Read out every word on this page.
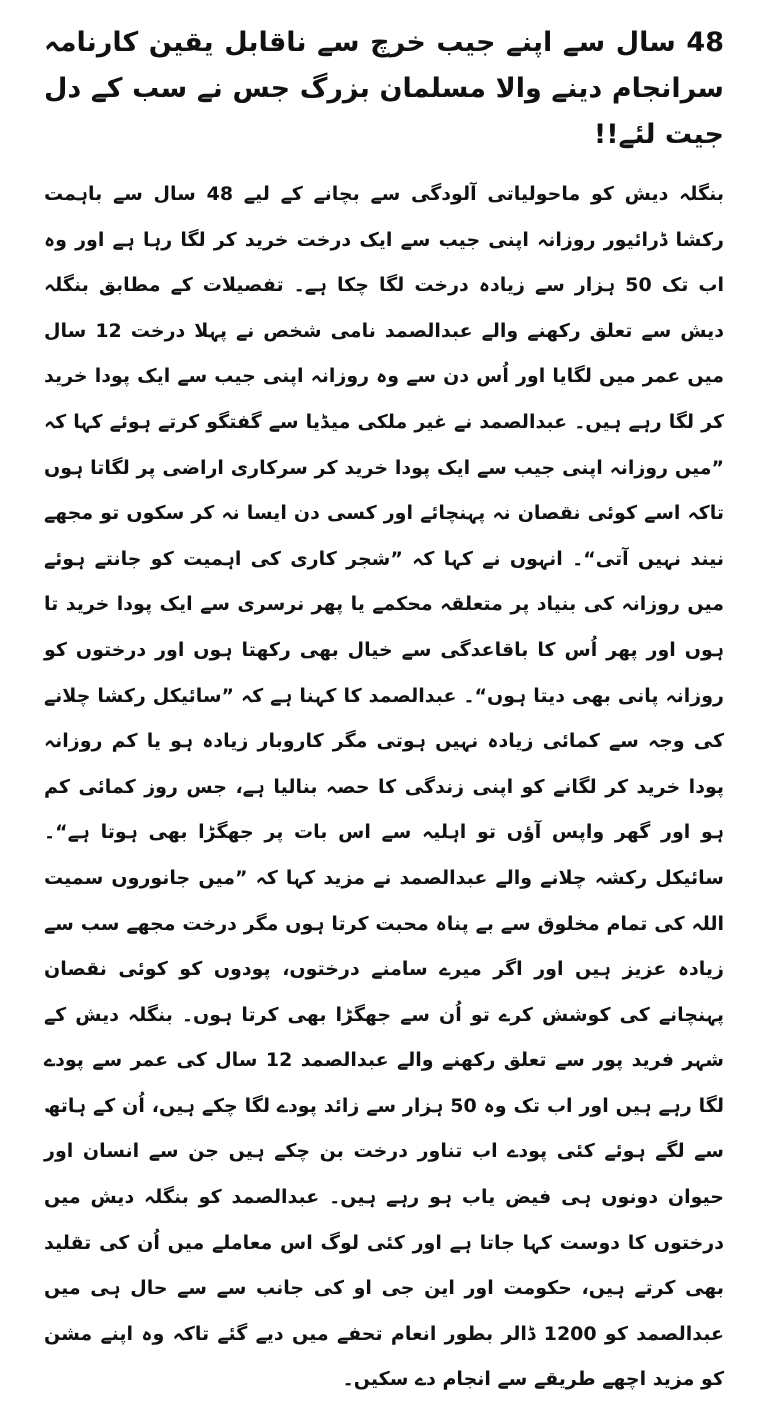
48 سال سے اپنے جیب خرچ سے ناقابل یقین کارنامہ سرانجام دینے والا مسلمان بزرگ جس نے سب کے دل جیت لئے!!

بنگلہ دیش کو ماحولیاتی آلودگی سے بچانے کے لیے 48 سال سے باہمت رکشا ڈرائیور روزانہ اپنی جیب سے ایک درخت خرید کر لگا رہا ہے اور وہ اب تک 50 ہزار سے زیادہ درخت لگا چکا ہے۔ تفصیلات کے مطابق بنگلہ دیش سے تعلق رکھنے والے عبدالصمد نامی شخص نے پہلا درخت 12 سال میں عمر میں لگایا اور اُس دن سے وہ روزانہ اپنی جیب سے ایک پودا خرید کر لگا رہے ہیں۔ عبدالصمد نے غیر ملکی میڈیا سے گفتگو کرتے ہوئے کہا کہ ”میں روزانہ اپنی جیب سے ایک پودا خرید کر سرکاری اراضی پر لگاتا ہوں تاکہ اسے کوئی نقصان نہ پہنچائے اور کسی دن ایسا نہ کر سکوں تو مجھے نیند نہیں آتی“۔ انہوں نے کہا کہ ”شجر کاری کی اہمیت کو جانتے ہوئے میں روزانہ کی بنیاد پر متعلقہ محکمے یا پھر نرسری سے ایک پودا خرید تا ہوں اور پھر اُس کا باقاعدگی سے خیال بھی رکھتا ہوں اور درختوں کو روزانہ پانی بھی دیتا ہوں“۔ عبدالصمد کا کہنا ہے کہ ”سائیکل رکشا چلانے کی وجہ سے کمائی زیادہ نہیں ہوتی مگر کاروبار زیادہ ہو یا کم روزانہ پودا خرید کر لگانے کو اپنی زندگی کا حصہ بنالیا ہے، جس روز کمائی کم ہو اور گھر واپس آؤں تو اہلیہ سے اس بات پر جھگڑا بھی ہوتا ہے“۔ سائیکل رکشہ چلانے والے عبدالصمد نے مزید کہا کہ ”میں جانوروں سمیت اللہ کی تمام مخلوق سے بے پناہ محبت کرتا ہوں مگر درخت مجھے سب سے زیادہ عزیز ہیں اور اگر میرے سامنے درختوں، پودوں کو کوئی نقصان پہنچانے کی کوشش کرے تو اُن سے جھگڑا بھی کرتا ہوں۔ بنگلہ دیش کے شہر فرید پور سے تعلق رکھنے والے عبدالصمد 12 سال کی عمر سے پودے لگا رہے ہیں اور اب تک وہ 50 ہزار سے زائد پودے لگا چکے ہیں، اُن کے ہاتھ سے لگے ہوئے کئی پودے اب تناور درخت بن چکے ہیں جن سے انسان اور حیوان دونوں ہی فیض یاب ہو رہے ہیں۔ عبدالصمد کو بنگلہ دیش میں درختوں کا دوست کہا جاتا ہے اور کئی لوگ اس معاملے میں اُن کی تقلید بھی کرتے ہیں، حکومت اور این جی او کی جانب سے سے حال ہی میں عبدالصمد کو 1200 ڈالر بطور انعام تحفے میں دیے گئے تاکہ وہ اپنے مشن کو مزید اچھے طریقے سے انجام دے سکیں۔
